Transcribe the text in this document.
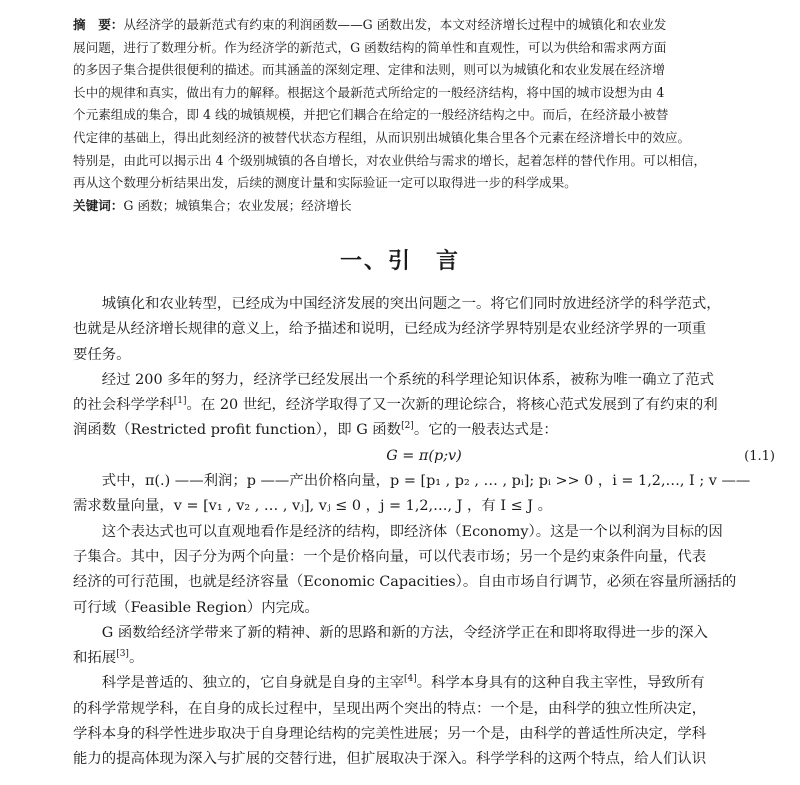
摘　要：从经济学的最新范式有约束的利润函数——G 函数出发，本文对经济增长过程中的城镇化和农业发
展问题，进行了数理分析。作为经济学的新范式，G 函数结构的简单性和直观性，可以为供给和需求两方面
的多因子集合提供很便利的描述。而其涵盖的深刻定理、定律和法则，则可以为城镇化和农业发展在经济增
长中的规律和真实，做出有力的解释。根据这个最新范式所给定的一般经济结构，将中国的城市设想为由 4
个元素组成的集合，即 4 线的城镇规模，并把它们耦合在给定的一般经济结构之中。而后，在经济最小被替
代定律的基础上，得出此刻经济的被替代状态方程组，从而识别出城镇化集合里各个元素在经济增长中的效应。
特别是，由此可以揭示出 4 个级别城镇的各自增长，对农业供给与需求的增长，起着怎样的替代作用。可以相信，
再从这个数理分析结果出发，后续的测度计量和实际验证一定可以取得进一步的科学成果。
关键词：G 函数；城镇集合；农业发展；经济增长
一、引　言
　　城镇化和农业转型，已经成为中国经济发展的突出问题之一。将它们同时放进经济学的科学范式，
也就是从经济增长规律的意义上，给予描述和说明，已经成为经济学界特别是农业经济学界的一项重
要任务。
　　经过 200 多年的努力，经济学已经发展出一个系统的科学理论知识体系，被称为唯一确立了范式
的社会科学学科[1]。在 20 世纪，经济学取得了又一次新的理论综合，将核心范式发展到了有约束的利
润函数（Restricted profit function），即 G 函数[2]。它的一般表达式是：
G = π(p;v)	(1.1)
　　式中，π(.) ——利润；p ——产出价格向量，p = [p₁ , p₂ , … , pᵢ]; pᵢ >> 0 ，i = 1,2,…, I ; v ——
需求数量向量，v = [v₁ , v₂ , … , vⱼ], vⱼ ≤ 0 ，j = 1,2,…, J ，有 I ≤ J 。
　　这个表达式也可以直观地看作是经济的结构，即经济体（Economy）。这是一个以利润为目标的因
子集合。其中，因子分为两个向量：一个是价格向量，可以代表市场；另一个是约束条件向量，代表
经济的可行范围，也就是经济容量（Economic Capacities）。自由市场自行调节，必须在容量所涵括的
可行域（Feasible Region）内完成。
　　G 函数给经济学带来了新的精神、新的思路和新的方法，令经济学正在和即将取得进一步的深入
和拓展[3]。
　　科学是普适的、独立的，它自身就是自身的主宰[4]。科学本身具有的这种自我主宰性，导致所有
的科学常规学科，在自身的成长过程中，呈现出两个突出的特点：一个是，由科学的独立性所决定，
学科本身的科学性进步取决于自身理论结构的完美性进展；另一个是，由科学的普适性所决定，学科
能力的提高体现为深入与扩展的交替行进，但扩展取决于深入。科学学科的这两个特点，给人们认识
